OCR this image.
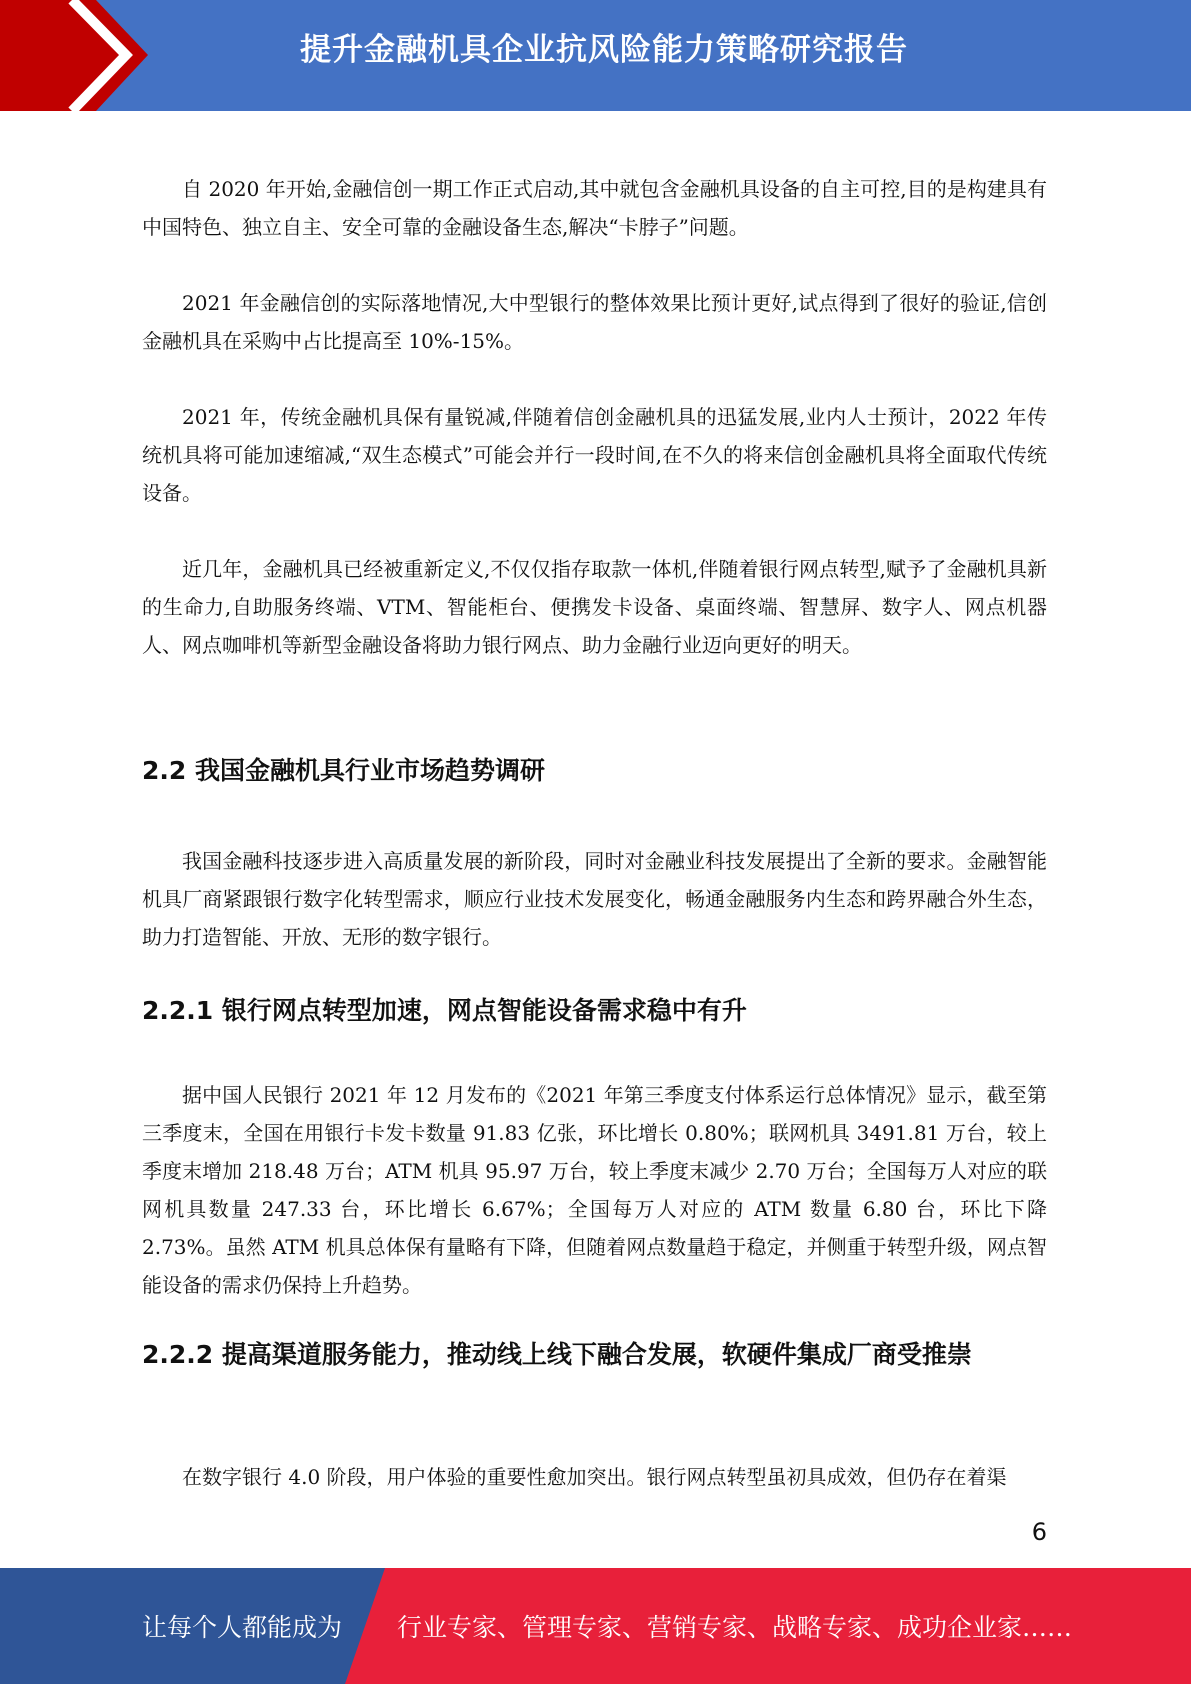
提升金融机具企业抗风险能力策略研究报告

自 2020 年开始,金融信创一期工作正式启动,其中就包含金融机具设备的自主可控,目的是构建具有中国特色、独立自主、安全可靠的金融设备生态,解决“卡脖子”问题。

2021 年金融信创的实际落地情况,大中型银行的整体效果比预计更好,试点得到了很好的验证,信创金融机具在采购中占比提高至 10%-15%。

2021 年，传统金融机具保有量锐减,伴随着信创金融机具的迅猛发展,业内人士预计，2022 年传统机具将可能加速缩减,“双生态模式”可能会并行一段时间,在不久的将来信创金融机具将全面取代传统设备。

近几年，金融机具已经被重新定义,不仅仅指存取款一体机,伴随着银行网点转型,赋予了金融机具新的生命力,自助服务终端、VTM、智能柜台、便携发卡设备、桌面终端、智慧屏、数字人、网点机器人、网点咖啡机等新型金融设备将助力银行网点、助力金融行业迈向更好的明天。

2.2 我国金融机具行业市场趋势调研

我国金融科技逐步进入高质量发展的新阶段，同时对金融业科技发展提出了全新的要求。金融智能机具厂商紧跟银行数字化转型需求，顺应行业技术发展变化，畅通金融服务内生态和跨界融合外生态，助力打造智能、开放、无形的数字银行。

2.2.1 银行网点转型加速，网点智能设备需求稳中有升

据中国人民银行 2021 年 12 月发布的《2021 年第三季度支付体系运行总体情况》显示，截至第三季度末，全国在用银行卡发卡数量 91.83 亿张，环比增长 0.80%；联网机具 3491.81 万台，较上季度末增加 218.48 万台；ATM 机具 95.97 万台，较上季度末减少 2.70 万台；全国每万人对应的联网机具数量 247.33 台，环比增长 6.67%；全国每万人对应的 ATM 数量 6.80 台，环比下降 2.73%。虽然 ATM 机具总体保有量略有下降，但随着网点数量趋于稳定，并侧重于转型升级，网点智能设备的需求仍保持上升趋势。

2.2.2 提高渠道服务能力，推动线上线下融合发展，软硬件集成厂商受推崇

在数字银行 4.0 阶段，用户体验的重要性愈加突出。银行网点转型虽初具成效，但仍存在着渠

6
让每个人都能成为 行业专家、管理专家、营销专家、战略专家、成功企业家……
